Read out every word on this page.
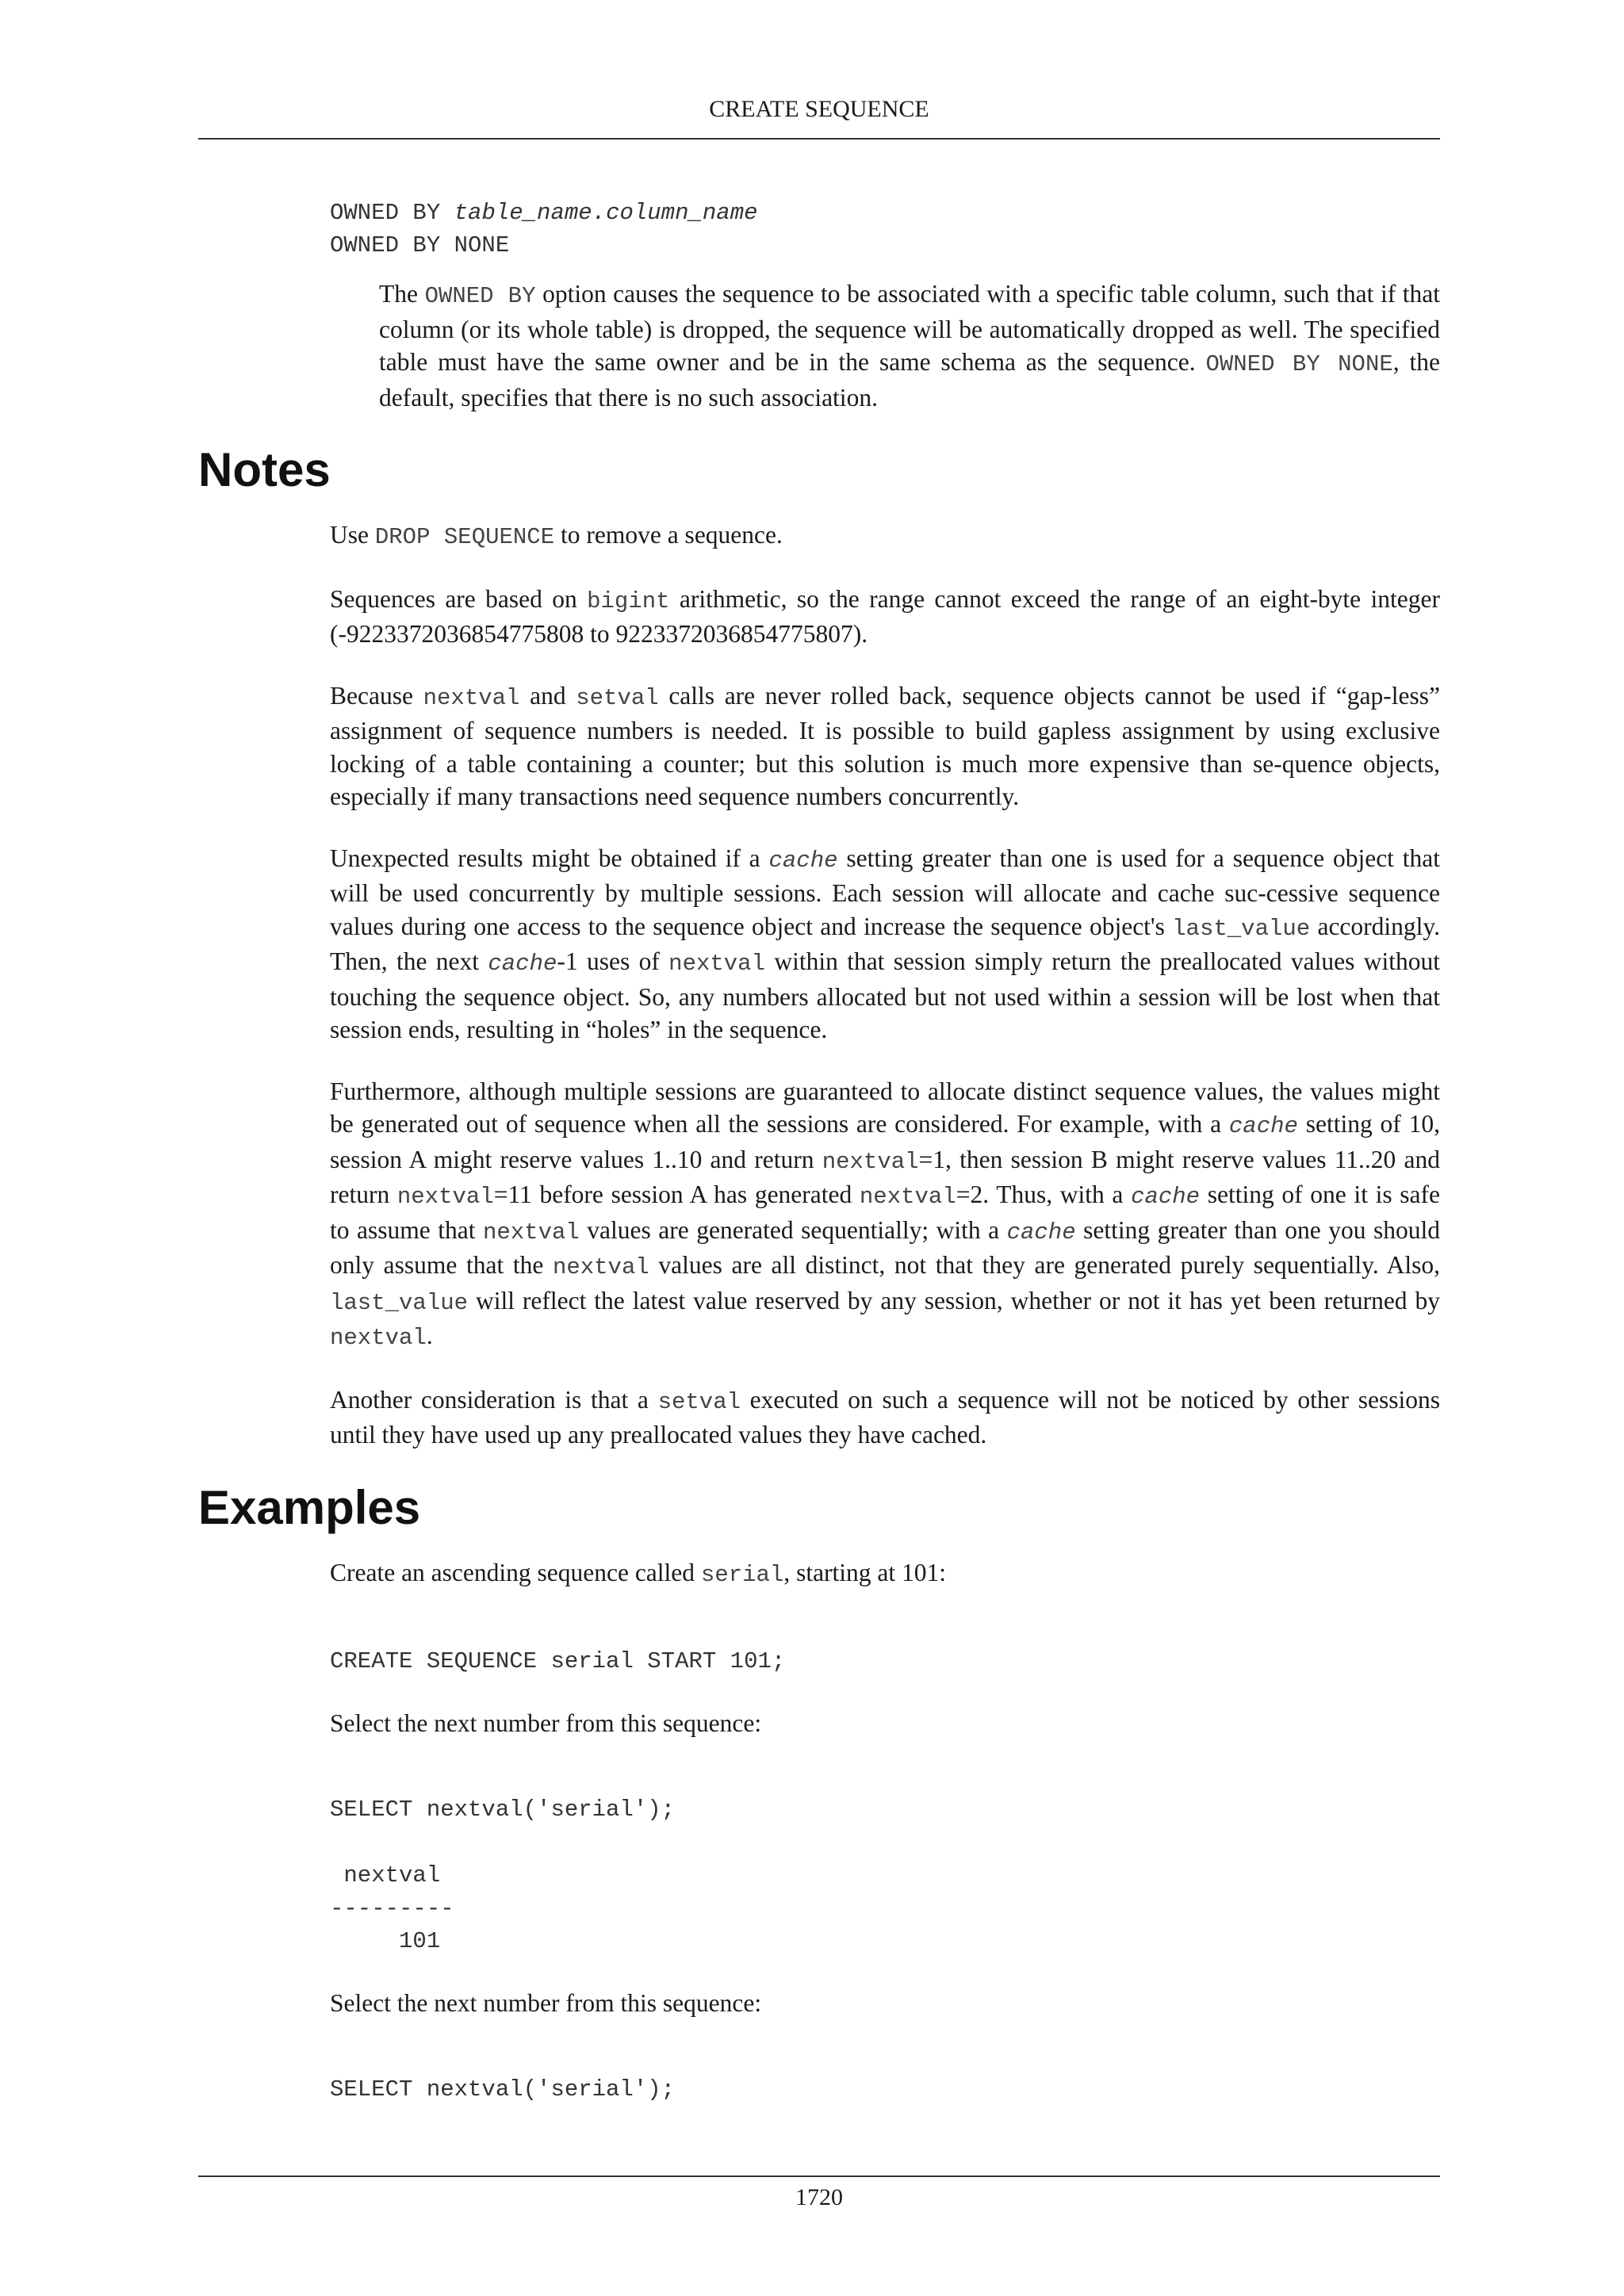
CREATE SEQUENCE
OWNED BY table_name.column_name
OWNED BY NONE

The OWNED BY option causes the sequence to be associated with a specific table column, such that if that column (or its whole table) is dropped, the sequence will be automatically dropped as well. The specified table must have the same owner and be in the same schema as the sequence. OWNED BY NONE, the default, specifies that there is no such association.

Notes

Use DROP SEQUENCE to remove a sequence.

Sequences are based on bigint arithmetic, so the range cannot exceed the range of an eight-byte integer (-9223372036854775808 to 9223372036854775807).

Because nextval and setval calls are never rolled back, sequence objects cannot be used if “gap-less” assignment of sequence numbers is needed. It is possible to build gapless assignment by using exclusive locking of a table containing a counter; but this solution is much more expensive than se-quence objects, especially if many transactions need sequence numbers concurrently.

Unexpected results might be obtained if a cache setting greater than one is used for a sequence object that will be used concurrently by multiple sessions. Each session will allocate and cache suc-cessive sequence values during one access to the sequence object and increase the sequence object's last_value accordingly. Then, the next cache-1 uses of nextval within that session simply return the preallocated values without touching the sequence object. So, any numbers allocated but not used within a session will be lost when that session ends, resulting in “holes” in the sequence.

Furthermore, although multiple sessions are guaranteed to allocate distinct sequence values, the values might be generated out of sequence when all the sessions are considered. For example, with a cache setting of 10, session A might reserve values 1..10 and return nextval=1, then session B might reserve values 11..20 and return nextval=11 before session A has generated nextval=2. Thus, with a cache setting of one it is safe to assume that nextval values are generated sequentially; with a cache setting greater than one you should only assume that the nextval values are all distinct, not that they are generated purely sequentially. Also, last_value will reflect the latest value reserved by any session, whether or not it has yet been returned by nextval.

Another consideration is that a setval executed on such a sequence will not be noticed by other sessions until they have used up any preallocated values they have cached.

Examples

Create an ascending sequence called serial, starting at 101:

CREATE SEQUENCE serial START 101;

Select the next number from this sequence:

SELECT nextval('serial');

nextval
---------
101

Select the next number from this sequence:

SELECT nextval('serial');
1720
